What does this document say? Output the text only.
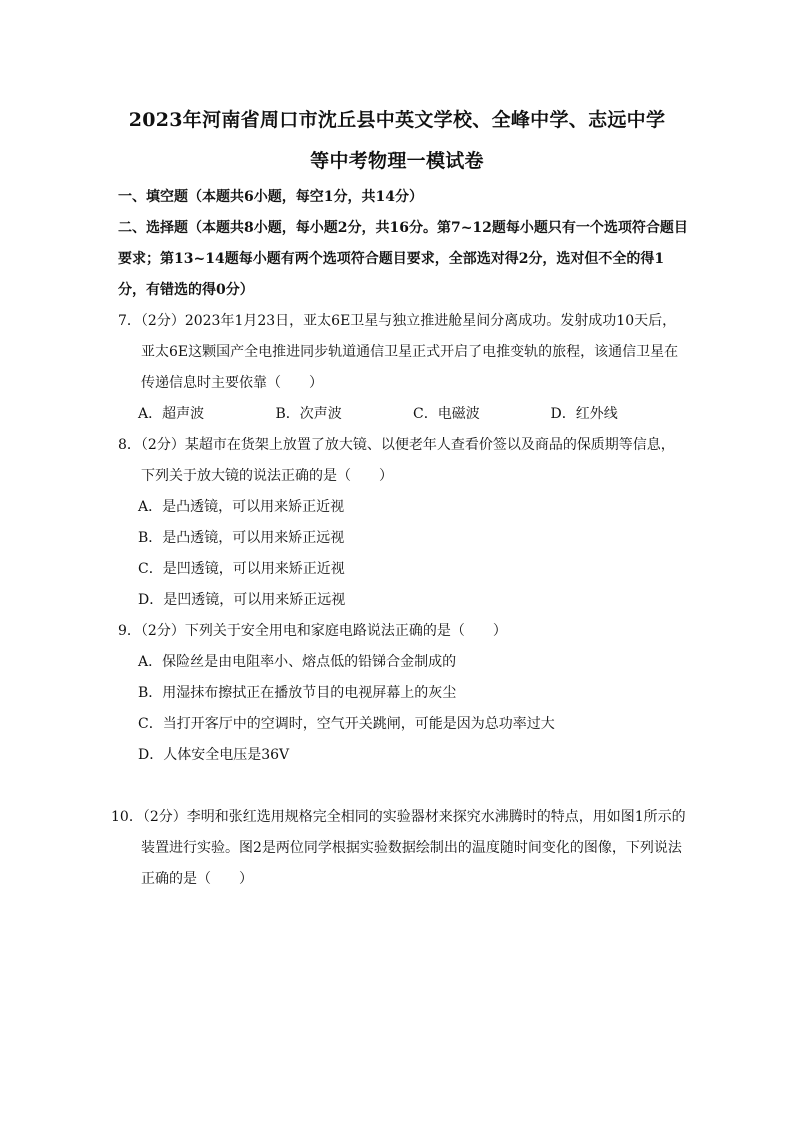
2023年河南省周口市沈丘县中英文学校、全峰中学、志远中学
等中考物理一模试卷

一、填空题（本题共6小题，每空1分，共14分）

二、选择题（本题共8小题，每小题2分，共16分。第7~12题每小题只有一个选项符合题目要求；第13~14题每小题有两个选项符合题目要求，全部选对得2分，选对但不全的得1分，有错选的得0分）

7．（2分）2023年1月23日，亚太6E卫星与独立推进舱星间分离成功。发射成功10天后，亚太6E这颗国产全电推进同步轨道通信卫星正式开启了电推变轨的旅程，该通信卫星在传递信息时主要依靠（　　）

A．超声波	B．次声波	C．电磁波	D．红外线

8．（2分）某超市在货架上放置了放大镜、以便老年人查看价签以及商品的保质期等信息，下列关于放大镜的说法正确的是（　　）

A．是凸透镜，可以用来矫正近视

B．是凸透镜，可以用来矫正远视

C．是凹透镜，可以用来矫正近视

D．是凹透镜，可以用来矫正远视

9．（2分）下列关于安全用电和家庭电路说法正确的是（　　）

A．保险丝是由电阻率小、熔点低的铅锑合金制成的

B．用湿抹布擦拭正在播放节目的电视屏幕上的灰尘

C．当打开客厅中的空调时，空气开关跳闸，可能是因为总功率过大

D．人体安全电压是36V

10．（2分）李明和张红选用规格完全相同的实验器材来探究水沸腾时的特点，用如图1所示的装置进行实验。图2是两位同学根据实验数据绘制出的温度随时间变化的图像，下列说法正确的是（　　）
